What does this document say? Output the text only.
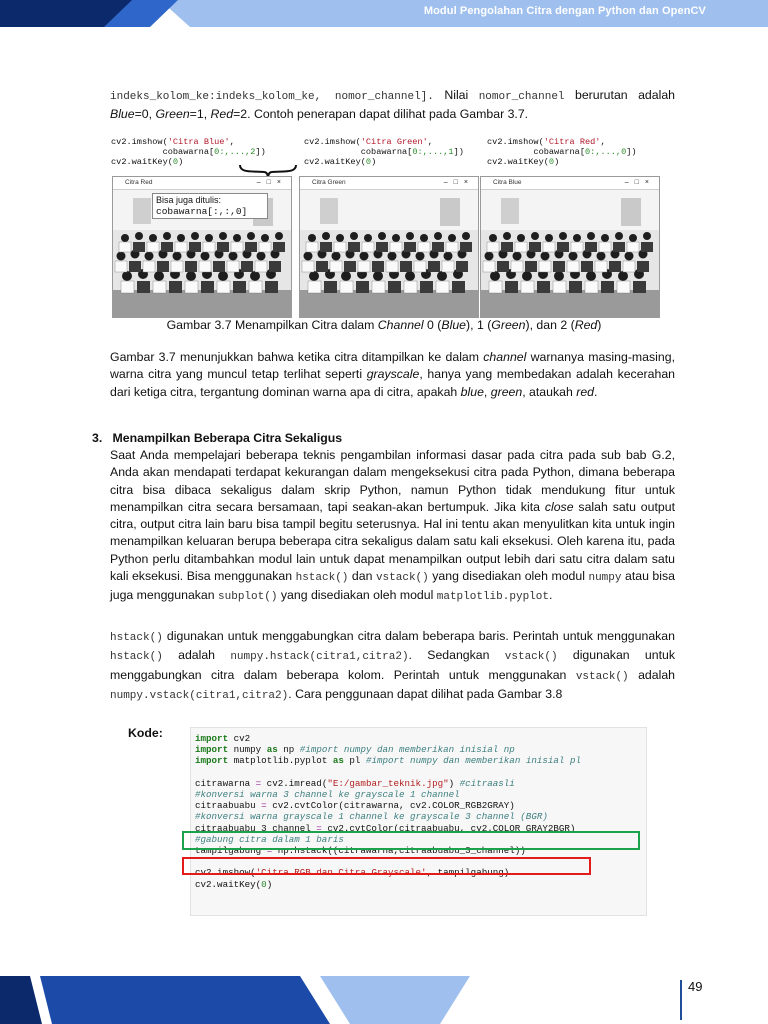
Modul Pengolahan Citra dengan Python dan OpenCV

indeks_kolom_ke:indeks_kolom_ke, nomor_channel]. Nilai nomor_channel berurutan adalah Blue=0, Green=1, Red=2. Contoh penerapan dapat dilihat pada Gambar 3.7.

cv2.imshow('Citra Blue',
cobawarna[0:,...,2])
cv2.waitKey(0)
cv2.imshow('Citra Green',
cobawarna[0:,...,1])
cv2.waitKey(0)
cv2.imshow('Citra Red',
cobawarna[0:,...,0])
cv2.waitKey(0)
Citra Red	–□×	Citra Green	–□×	Citra Blue	–□×
Bisa juga ditulis:
cobawarna[:,:,0]
Gambar 3.7 Menampilkan Citra dalam Channel 0 (Blue), 1 (Green), dan 2 (Red)

Gambar 3.7 menunjukkan bahwa ketika citra ditampilkan ke dalam channel warnanya masing-masing, warna citra yang muncul tetap terlihat seperti grayscale, hanya yang membedakan adalah kecerahan dari ketiga citra, tergantung dominan warna apa di citra, apakah blue, green, ataukah red.

3.   Menampilkan Beberapa Citra Sekaligus

Saat Anda mempelajari beberapa teknis pengambilan informasi dasar pada citra pada sub bab G.2, Anda akan mendapati terdapat kekurangan dalam mengeksekusi citra pada Python, dimana beberapa citra bisa dibaca sekaligus dalam skrip Python, namun Python tidak mendukung fitur untuk menampilkan citra secara bersamaan, tapi seakan-akan bertumpuk. Jika kita close salah satu output citra, output citra lain baru bisa tampil begitu seterusnya. Hal ini tentu akan menyulitkan kita untuk ingin menampilkan keluaran berupa beberapa citra sekaligus dalam satu kali eksekusi. Oleh karena itu, pada Python perlu ditambahkan modul lain untuk dapat menampilkan output lebih dari satu citra dalam satu kali eksekusi. Bisa menggunakan hstack() dan vstack() yang disediakan oleh modul numpy atau bisa juga menggunakan subplot() yang disediakan oleh modul matplotlib.pyplot.

hstack() digunakan untuk menggabungkan citra dalam beberapa baris. Perintah untuk menggunakan hstack() adalah numpy.hstack(citra1,citra2). Sedangkan vstack() digunakan untuk menggabungkan citra dalam beberapa kolom. Perintah untuk menggunakan vstack() adalah numpy.vstack(citra1,citra2). Cara penggunaan dapat dilihat pada Gambar 3.8

Kode:	import cv2
import numpy as np #import numpy dan memberikan inisial np
import matplotlib.pyplot as pl #import numpy dan memberikan inisial pl

citrawarna = cv2.imread("E:/gambar_teknik.jpg") #citraasli
#konversi warna 3 channel ke grayscale 1 channel
citraabuabu = cv2.cvtColor(citrawarna, cv2.COLOR_RGB2GRAY)
#konversi warna grayscale 1 channel ke grayscale 3 channel (BGR)
citraabuabu_3_channel = cv2.cvtColor(citraabuabu, cv2.COLOR_GRAY2BGR)
#gabung citra dalam 1 baris
tampilgabung = np.hstack((citrawarna,citraabuabu_3_channel))

cv2.imshow('Citra RGB dan Citra Grayscale', tampilgabung)
cv2.waitKey(0)
49
